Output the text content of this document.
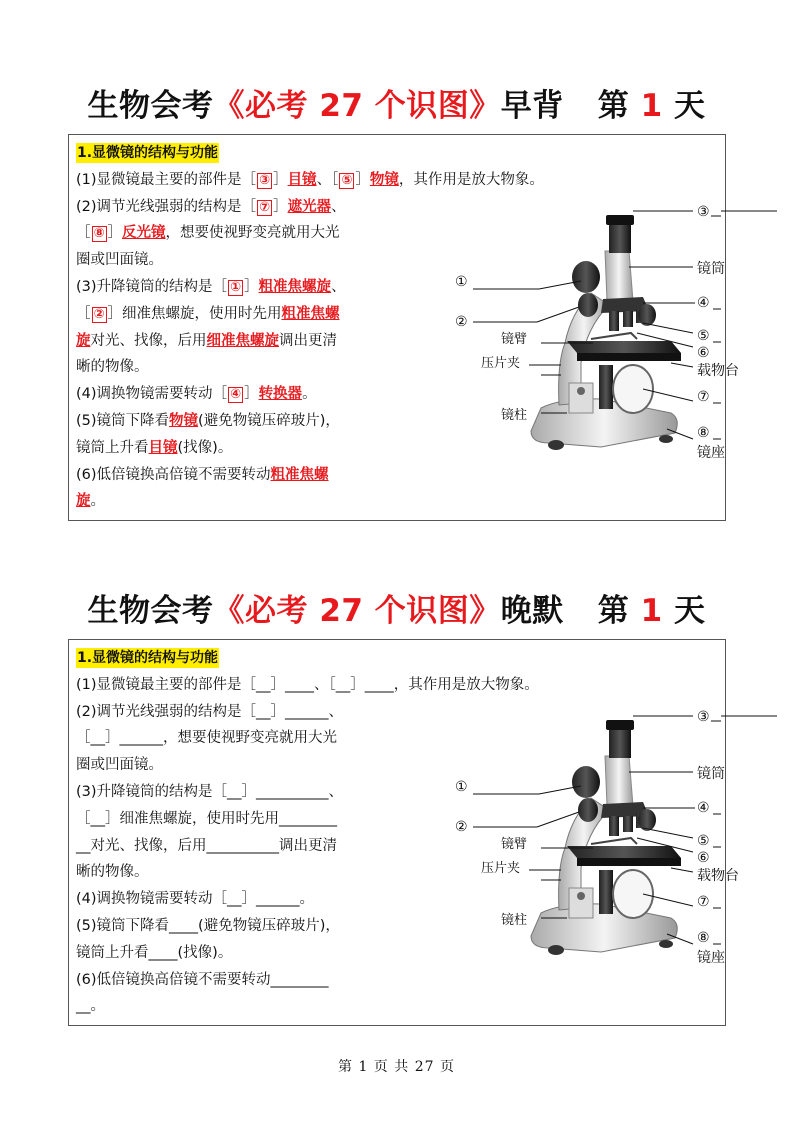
生物会考《必考 27 个识图》早背 第 1 天
1.显微镜的结构与功能
(1)显微镜最主要的部件是［ ③ ］目镜、［ ⑤ ］物镜，其作用是放大物象。
(2)调节光线强弱的结构是［ ⑦ ］遮光器、
［ ⑧ ］反光镜，想要使视野变亮就用大光
圈或凹面镜。
(3)升降镜筒的结构是［ ① ］粗准焦螺旋、
［ ② ］细准焦螺旋，使用时先用粗准焦螺
旋对光、找像，后用细准焦螺旋调出更清
晰的物像。
(4)调换物镜需要转动［ ④ ］转换器。
(5)镜筒下降看物镜(避免物镜压碎玻片)，
镜筒上升看目镜(找像)。
(6)低倍镜换高倍镜不需要转动粗准焦螺
旋。
①
②
③
镜筒
④
⑤
⑥
载物台
⑦
⑧
镜座
镜臂
压片夹
镜柱
生物会考《必考 27 个识图》晚默 第 1 天
1.显微镜的结构与功能
(1)显微镜最主要的部件是［__］____、［__］____，其作用是放大物象。
(2)调节光线强弱的结构是［__］______、
［__］______，想要使视野变亮就用大光
圈或凹面镜。
(3)升降镜筒的结构是［__］__________、
［__］细准焦螺旋，使用时先用________
__对光、找像，后用__________调出更清
晰的物像。
(4)调换物镜需要转动［__］______。
(5)镜筒下降看____(避免物镜压碎玻片)，
镜筒上升看____(找像)。
(6)低倍镜换高倍镜不需要转动________
__。
①
②
③
镜筒
④
⑤
⑥
载物台
⑦
⑧
镜座
镜臂
压片夹
镜柱
第 1 页 共 27 页
